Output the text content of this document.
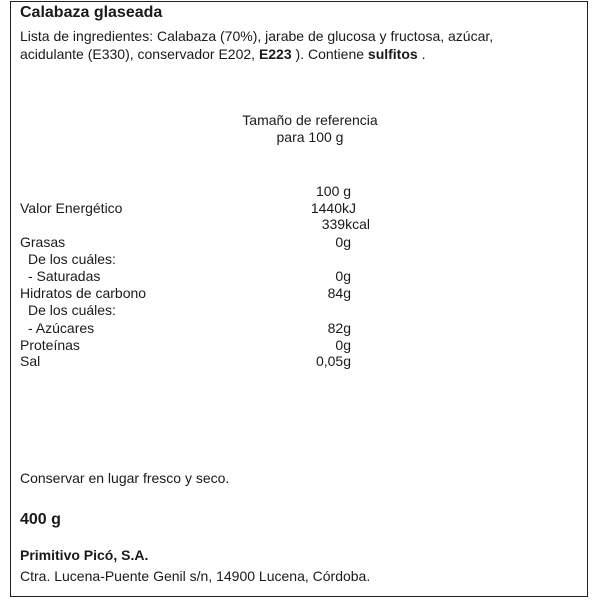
Calabaza glaseada
Lista de ingredientes: Calabaza (70%), jarabe de glucosa y fructosa, azúcar,
acidulante (E330), conservador E202, E223 ). Contiene sulfitos .
Tamaño de referencia
para 100 g
100 g
Valor Energético	1440kJ
339kcal
Grasas	0g
De los cuáles:
- Saturadas	0g
Hidratos de carbono	84g
De los cuáles:
- Azúcares	82g
Proteínas	0g
Sal	0,05g
Conservar en lugar fresco y seco.
400 g
Primitivo Picó, S.A.
Ctra. Lucena-Puente Genil s/n, 14900 Lucena, Córdoba.
